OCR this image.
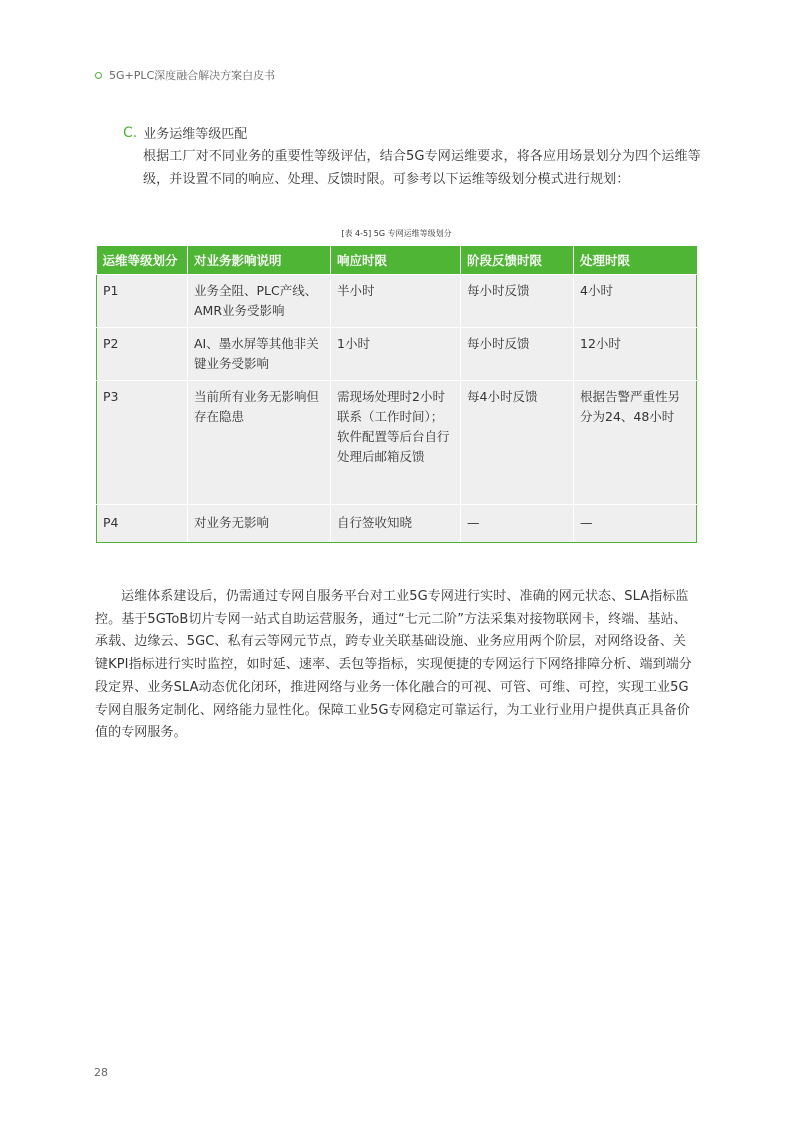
5G+PLC深度融合解决方案白皮书
C. 业务运维等级匹配

根据工厂对不同业务的重要性等级评估，结合5G专网运维要求，将各应用场景划分为四个运维等级，并设置不同的响应、处理、反馈时限。可参考以下运维等级划分模式进行规划：

[表 4-5] 5G 专网运维等级划分
运维等级划分	对业务影响说明	响应时限	阶段反馈时限	处理时限
P1	业务全阻、PLC产线、AMR业务受影响	半小时	每小时反馈	4小时
P2	AI、墨水屏等其他非关键业务受影响	1小时	每小时反馈	12小时
P3	当前所有业务无影响但存在隐患	需现场处理时2小时联系（工作时间）；软件配置等后台自行处理后邮箱反馈	每4小时反馈	根据告警严重性另分为24、48小时
P4	对业务无影响	自行签收知晓	—	—

运维体系建设后，仍需通过专网自服务平台对工业5G专网进行实时、准确的网元状态、SLA指标监控。基于5GToB切片专网一站式自助运营服务，通过“七元二阶”方法采集对接物联网卡，终端、基站、承载、边缘云、5GC、私有云等网元节点，跨专业关联基础设施、业务应用两个阶层，对网络设备、关键KPI指标进行实时监控，如时延、速率、丢包等指标，实现便捷的专网运行下网络排障分析、端到端分段定界、业务SLA动态优化闭环，推进网络与业务一体化融合的可视、可管、可维、可控，实现工业5G专网自服务定制化、网络能力显性化。保障工业5G专网稳定可靠运行，为工业行业用户提供真正具备价值的专网服务。

28
